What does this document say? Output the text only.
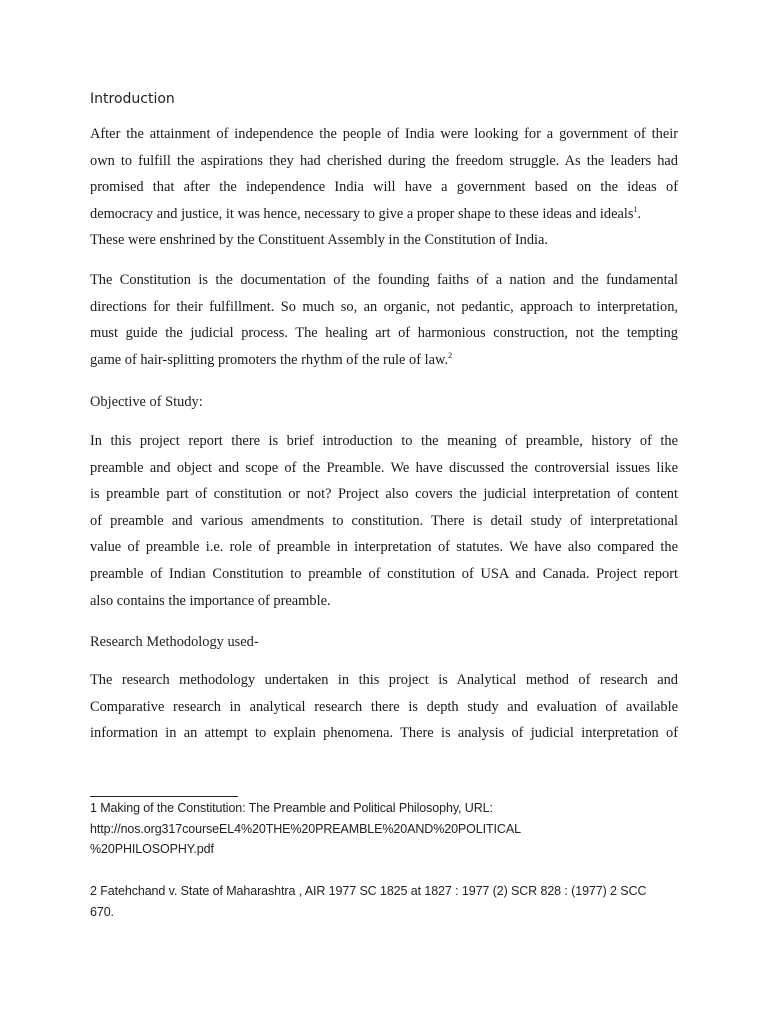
Introduction
After the attainment of independence the people of India were looking for a government of their
own to fulfill the aspirations they had cherished during the freedom struggle. As the leaders had
promised that after the independence India will have a government based on the ideas of
democracy and justice, it was hence, necessary to give a proper shape to these ideas and ideals$^1$.
These were enshrined by the Constituent Assembly in the Constitution of India.
The Constitution is the documentation of the founding faiths of a nation and the fundamental
directions for their fulfillment. So much so, an organic, not pedantic, approach to interpretation,
must guide the judicial process. The healing art of harmonious construction, not the tempting
game of hair-splitting promoters the rhythm of the rule of law.$^2$
Objective of Study:
In this project report there is brief introduction to the meaning of preamble, history of the
preamble and object and scope of the Preamble. We have discussed the controversial issues like
is preamble part of constitution or not? Project also covers the judicial interpretation of content
of preamble and various amendments to constitution. There is detail study of interpretational
value of preamble i.e. role of preamble in interpretation of statutes. We have also compared the
preamble of Indian Constitution to preamble of constitution of USA and Canada. Project report
also contains the importance of preamble.
Research Methodology used-
The research methodology undertaken in this project is Analytical method of research and
Comparative research in analytical research there is depth study and evaluation of available
information in an attempt to explain phenomena. There is analysis of judicial interpretation of
1 Making of the Constitution: The Preamble and Political Philosophy, URL:
http://nos.org317courseEL4%20THE%20PREAMBLE%20AND%20POLITICAL
%20PHILOSOPHY.pdf
2 Fatehchand v. State of Maharashtra , AIR 1977 SC 1825 at 1827 : 1977 (2) SCR 828 : (1977) 2 SCC
670.
